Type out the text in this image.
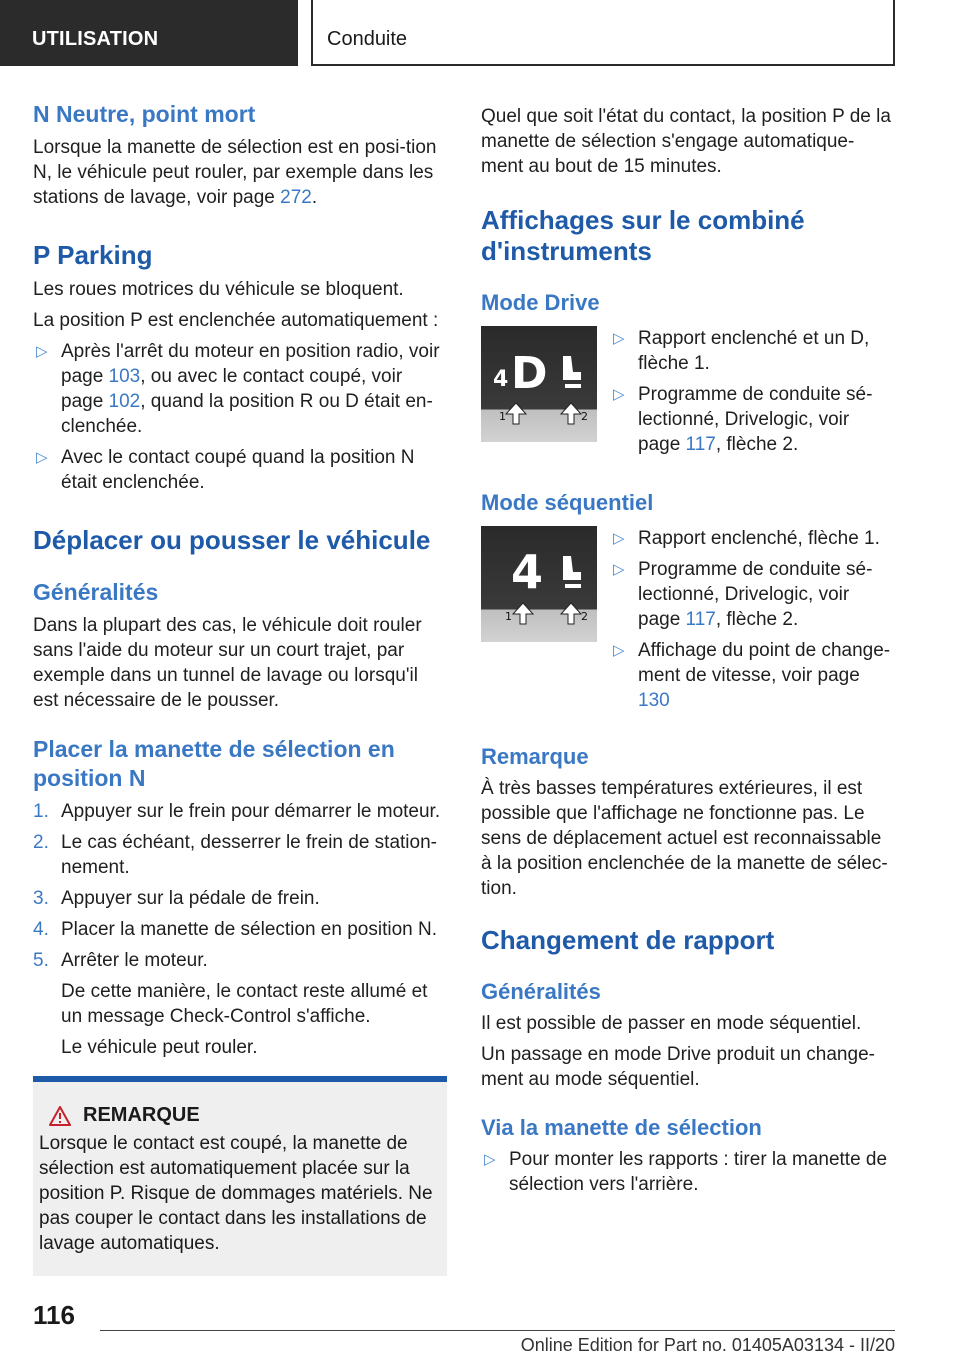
UTILISATION	Conduite
N Neutre, point mort
Lorsque la manette de sélection est en posi‐tion N, le véhicule peut rouler, par exemple dans les stations de lavage, voir page 272.
P Parking
Les roues motrices du véhicule se bloquent.
La position P est enclenchée automatiquement :
▷ Après l'arrêt du moteur en position radio, voir page 103, ou avec le contact coupé, voir page 102, quand la position R ou D était en‐clenchée.
▷ Avec le contact coupé quand la position N était enclenchée.
Déplacer ou pousser le véhicule
Généralités
Dans la plupart des cas, le véhicule doit rouler sans l'aide du moteur sur un court trajet, par exemple dans un tunnel de lavage ou lorsqu'il est nécessaire de le pousser.
Placer la manette de sélection en position N
1. Appuyer sur le frein pour démarrer le moteur.
2. Le cas échéant, desserrer le frein de station‐nement.
3. Appuyer sur la pédale de frein.
4. Placer la manette de sélection en position N.
5. Arrêter le moteur.
De cette manière, le contact reste allumé et un message Check-Control s'affiche.
Le véhicule peut rouler.
REMARQUE
Lorsque le contact est coupé, la manette de sélection est automatiquement placée sur la position P. Risque de dommages matériels. Ne pas couper le contact dans les installations de lavage automatiques.
Quel que soit l'état du contact, la position P de la manette de sélection s'engage automatique‐ment au bout de 15 minutes.
Affichages sur le combiné d'instruments
Mode Drive
4 D
1	2
▷ Rapport enclenché et un D, flèche 1.
▷ Programme de conduite sé‐lectionné, Drivelogic, voir page 117, flèche 2.
Mode séquentiel
4
1	2
▷ Rapport enclenché, flèche 1.
▷ Programme de conduite sé‐lectionné, Drivelogic, voir page 117, flèche 2.
▷ Affichage du point de change‐ment de vitesse, voir page 130
Remarque
À très basses températures extérieures, il est possible que l'affichage ne fonctionne pas. Le sens de déplacement actuel est reconnaissable à la position enclenchée de la manette de sélec‐tion.
Changement de rapport
Généralités
Il est possible de passer en mode séquentiel.
Un passage en mode Drive produit un change‐ment au mode séquentiel.
Via la manette de sélection
▷ Pour monter les rapports : tirer la manette de sélection vers l'arrière.
116
Online Edition for Part no. 01405A03134 - II/20
